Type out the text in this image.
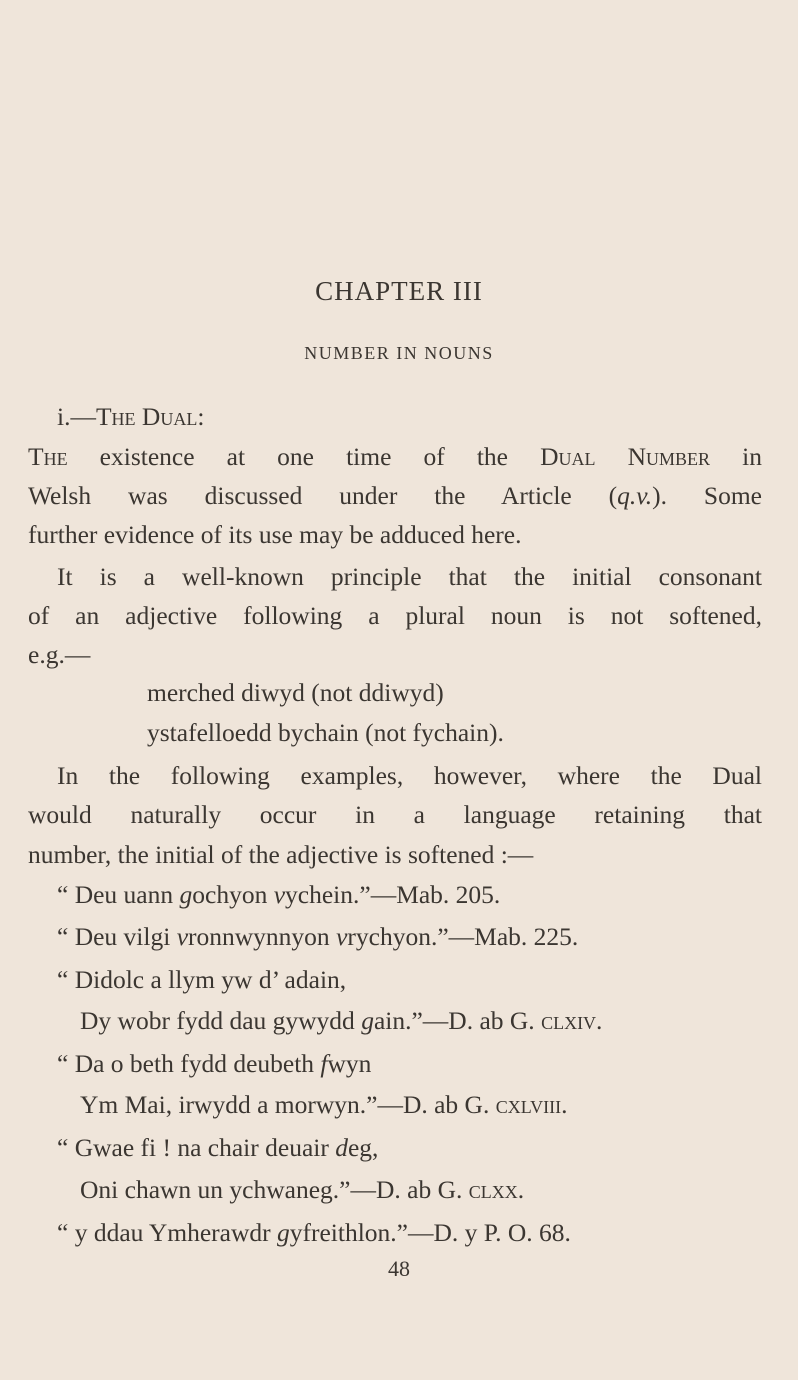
CHAPTER III
NUMBER IN NOUNS
i.—The Dual:
The existence at one time of the Dual Number in
Welsh was discussed under the Article (q.v.). Some
further evidence of its use may be adduced here.
It is a well-known principle that the initial consonant
of an adjective following a plural noun is not softened,
e.g.—
merched diwyd (not ddiwyd)
ystafelloedd bychain (not fychain).
In the following examples, however, where the Dual
would naturally occur in a language retaining that
number, the initial of the adjective is softened :—
“ Deu uann gochyon vychein.”—Mab. 205.
“ Deu vilgi vronnwynnyon vrychyon.”—Mab. 225.
“ Didolc a llym yw d’ adain,
Dy wobr fydd dau gywydd gain.”—D. ab G. clxiv.
“ Da o beth fydd deubeth fwyn
Ym Mai, irwydd a morwyn.”—D. ab G. cxlviii.
“ Gwae fi ! na chair deuair deg,
Oni chawn un ychwaneg.”—D. ab G. clxx.
“ y ddau Ymherawdr gyfreithlon.”—D. y P. O. 68.
48
